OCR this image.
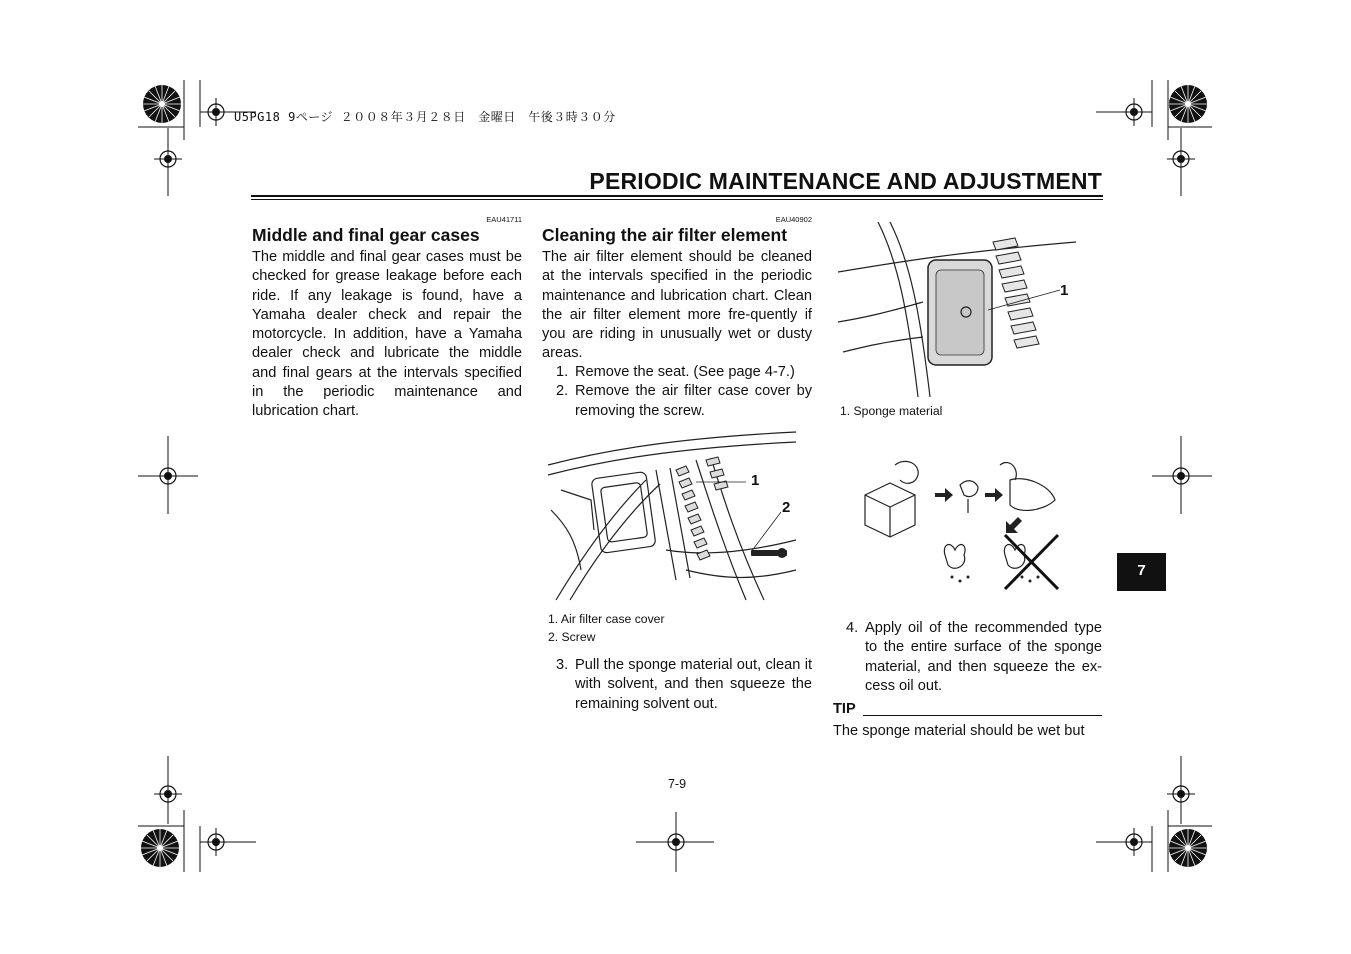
U5PG18 9ページ ２００８年３月２８日　金曜日　午後３時３０分
PERIODIC MAINTENANCE AND ADJUSTMENT
EAU41711
Middle and final gear cases
The middle and final gear cases must be checked for grease leakage before each ride. If any leakage is found, have a Yamaha dealer check and repair the motorcycle. In addition, have a Yamaha dealer check and lubricate the middle and final gears at the intervals specified in the periodic maintenance and lubrication chart.
EAU40902
Cleaning the air filter element
The air filter element should be cleaned at the intervals specified in the periodic maintenance and lubrication chart. Clean the air filter element more fre-quently if you are riding in unusually wet or dusty areas.
1. Remove the seat. (See page 4-7.)
2. Remove the air filter case cover by removing the screw.
1
2
1. Air filter case cover
2. Screw
3. Pull the sponge material out, clean it with solvent, and then squeeze the remaining solvent out.
1
1. Sponge material
4. Apply oil of the recommended type to the entire surface of the sponge material, and then squeeze the ex-cess oil out.
TIP
The sponge material should be wet but
7
7-9
